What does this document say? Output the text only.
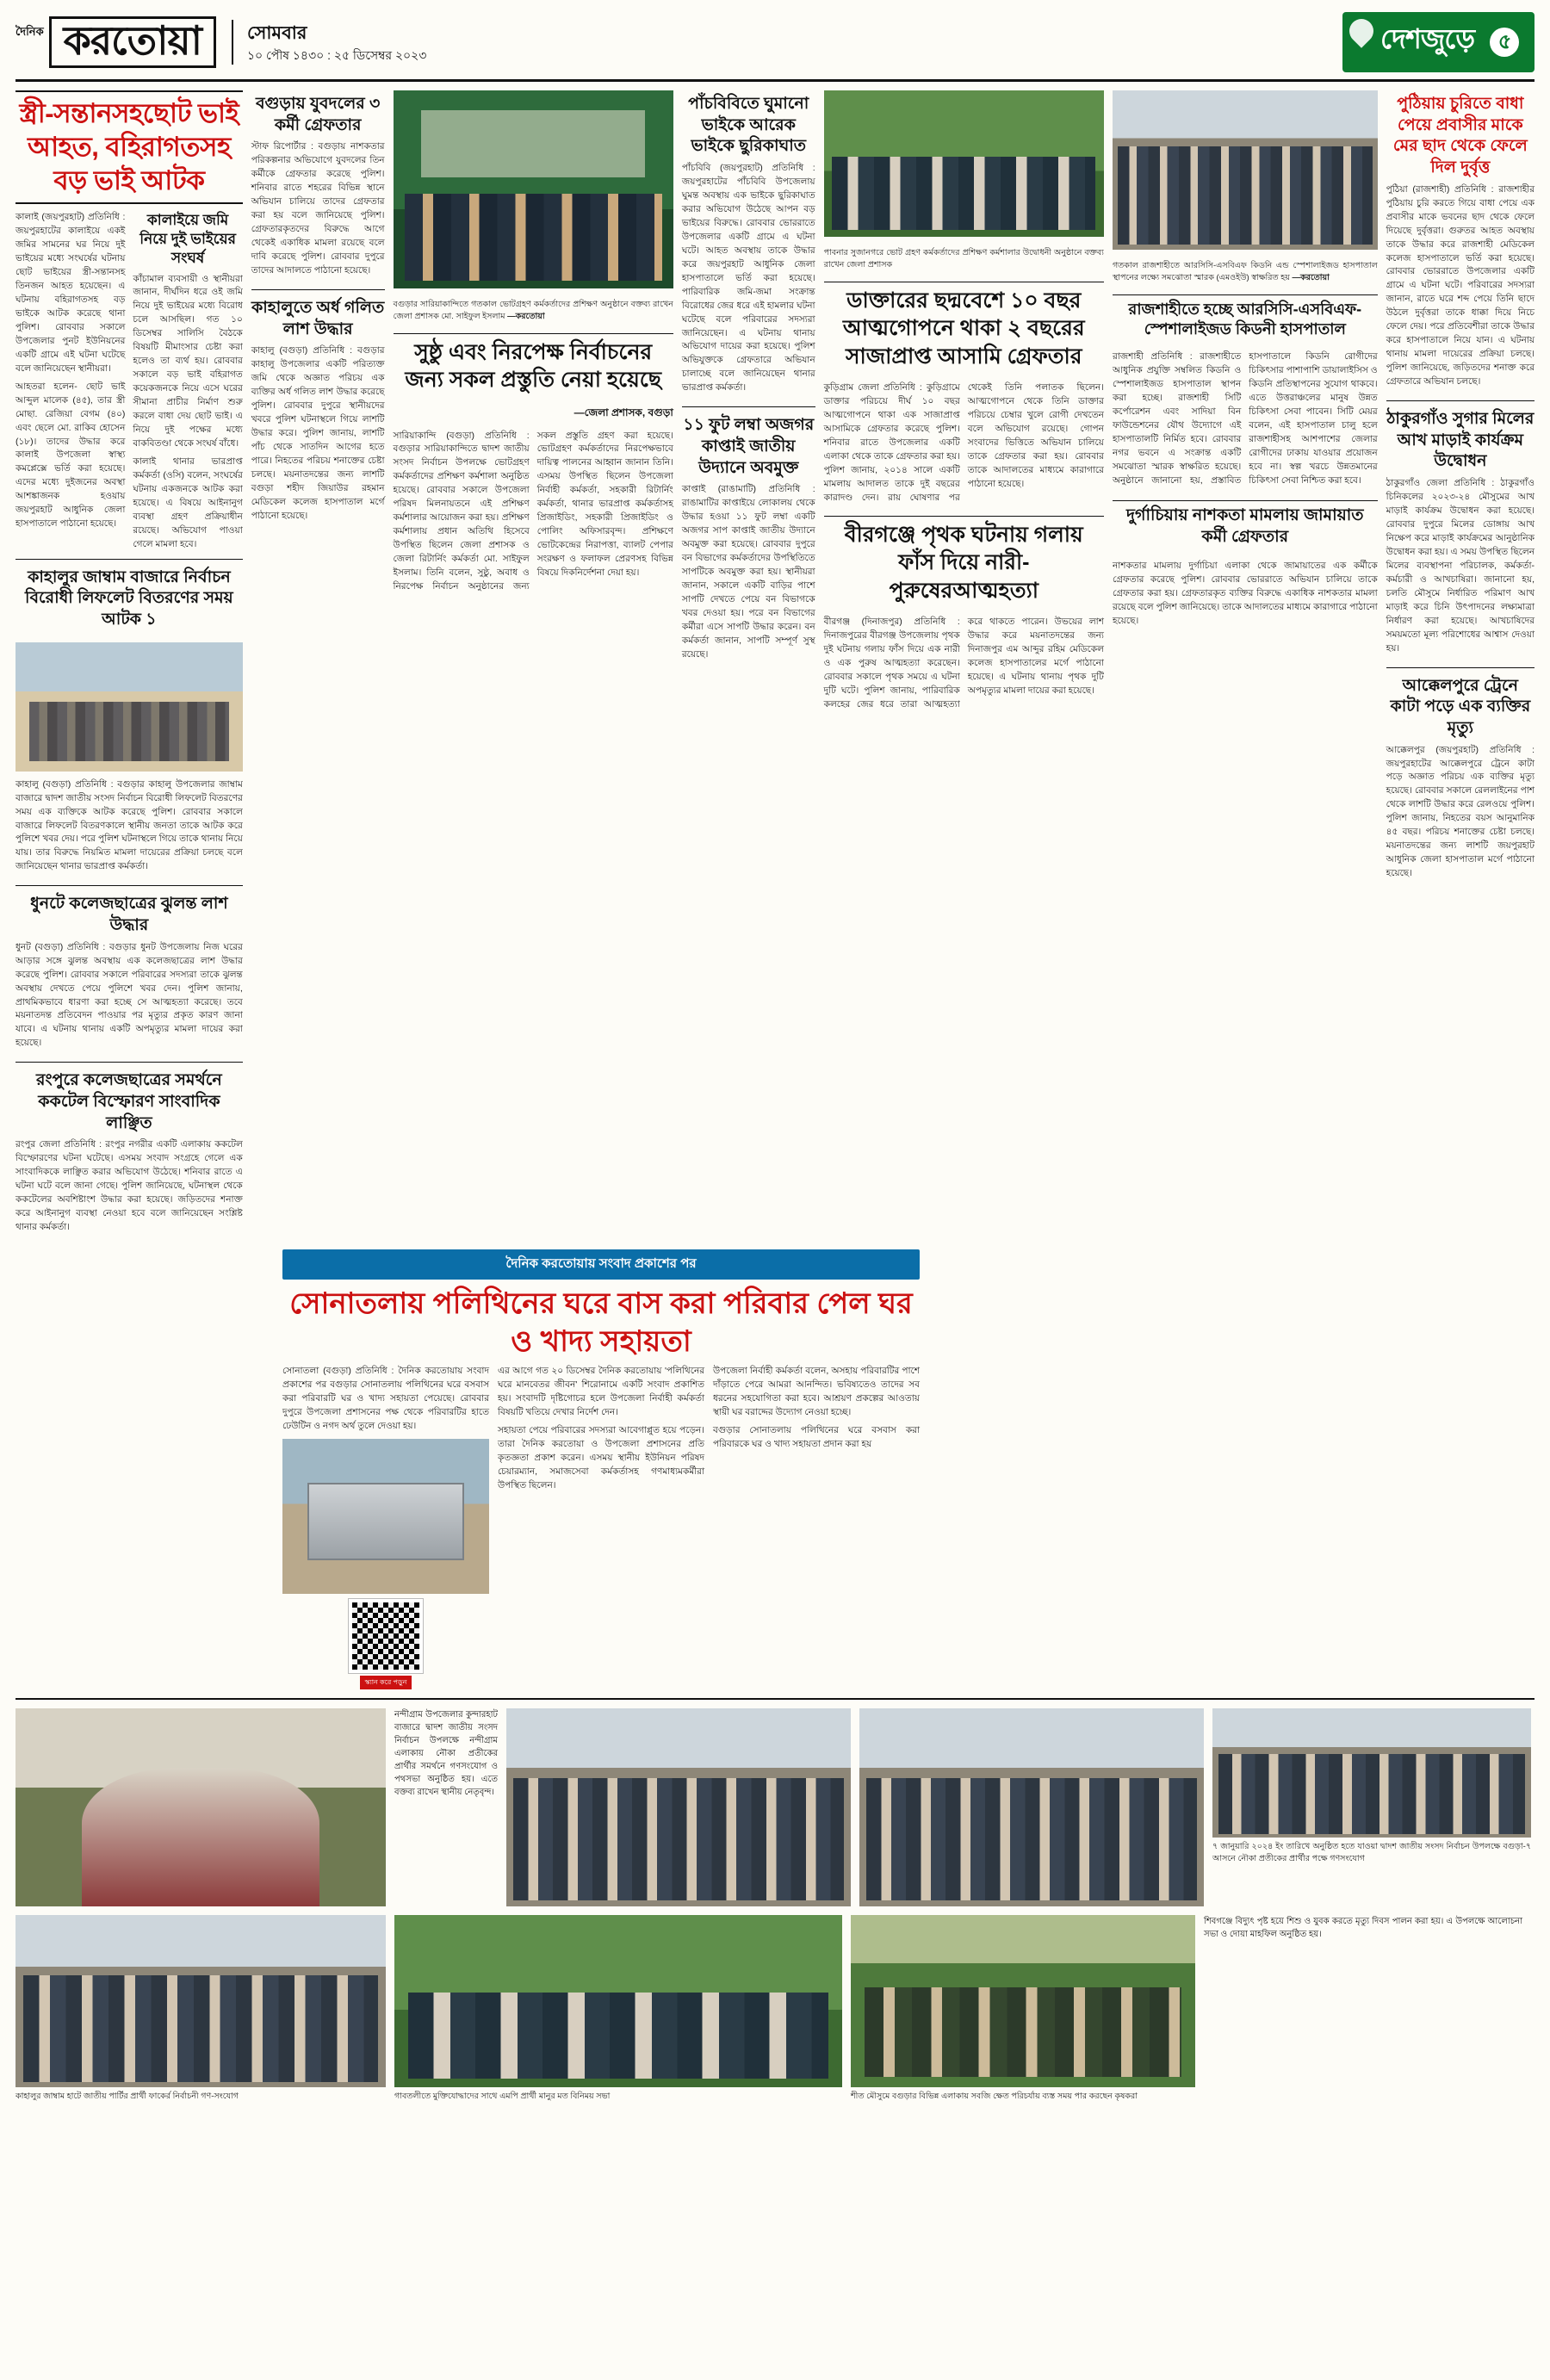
দৈনিক করতোয়া	সোমবার
১০ পৌষ ১৪৩০ : ২৫ ডিসেম্বর ২০২৩
দেশজুড়ে ৫
স্ত্রী-সন্তানসহছোট ভাই আহত, বহিরাগতসহ বড় ভাই আটক

কালাই (জয়পুরহাট) প্রতিনিধি : জয়পুরহাটের কালাইয়ে একই জমির সামনের ঘর নিয়ে দুই ভাইয়ের মধ্যে সংঘর্ষের ঘটনায় ছোট ভাইয়ের স্ত্রী-সন্তানসহ তিনজন আহত হয়েছেন। এ ঘটনায় বহিরাগতসহ বড় ভাইকে আটক করেছে থানা পুলিশ। রোববার সকালে উপজেলার পুনট ইউনিয়নের একটি গ্রামে এই ঘটনা ঘটেছে বলে জানিয়েছেন স্থানীয়রা।

আহতরা হলেন- ছোট ভাই আব্দুল মালেক (৪৫), তার স্ত্রী মোছা. রেজিয়া বেগম (৪০) এবং ছেলে মো. রাকিব হোসেন (১৮)। তাদের উদ্ধার করে কালাই উপজেলা স্বাস্থ্য কমপ্লেক্সে ভর্তি করা হয়েছে। এদের মধ্যে দুইজনের অবস্থা আশঙ্কাজনক হওয়ায় জয়পুরহাট আধুনিক জেলা হাসপাতালে পাঠানো হয়েছে।

কালাইয়ে জমি নিয়ে দুই ভাইয়ের সংঘর্ষ

কাঁচামাল ব্যবসায়ী ও স্থানীয়রা জানান, দীর্ঘদিন ধরে ওই জমি নিয়ে দুই ভাইয়ের মধ্যে বিরোধ চলে আসছিল। গত ১০ ডিসেম্বর সালিসি বৈঠকে বিষয়টি মীমাংসার চেষ্টা করা হলেও তা ব্যর্থ হয়। রোববার সকালে বড় ভাই বহিরাগত কয়েকজনকে নিয়ে এসে ঘরের সীমানা প্রাচীর নির্মাণ শুরু করলে বাধা দেয় ছোট ভাই। এ নিয়ে দুই পক্ষের মধ্যে বাকবিতণ্ডা থেকে সংঘর্ষ বাঁধে।

কালাই থানার ভারপ্রাপ্ত কর্মকর্তা (ওসি) বলেন, সংঘর্ষের ঘটনায় একজনকে আটক করা হয়েছে। এ বিষয়ে আইনানুগ ব্যবস্থা গ্রহণ প্রক্রিয়াধীন রয়েছে। অভিযোগ পাওয়া গেলে মামলা হবে।

কাহালুর জাম্বাম বাজারে নির্বাচন বিরোধী লিফলেট বিতরণের সময় আটক ১

কাহালু (বগুড়া) প্রতিনিধি : বগুড়ার কাহালু উপজেলার জাম্বাম বাজারে দ্বাদশ জাতীয় সংসদ নির্বাচন বিরোধী লিফলেট বিতরণের সময় এক ব্যক্তিকে আটক করেছে পুলিশ। রোববার সকালে বাজারে লিফলেট বিতরণকালে স্থানীয় জনতা তাকে আটক করে পুলিশে খবর দেয়। পরে পুলিশ ঘটনাস্থলে গিয়ে তাকে থানায় নিয়ে যায়। তার বিরুদ্ধে নিয়মিত মামলা দায়েরের প্রক্রিয়া চলছে বলে জানিয়েছেন থানার ভারপ্রাপ্ত কর্মকর্তা।

ধুনটে কলেজছাত্রের ঝুলন্ত লাশ উদ্ধার

ধুনট (বগুড়া) প্রতিনিধি : বগুড়ার ধুনট উপজেলায় নিজ ঘরের আড়ার সঙ্গে ঝুলন্ত অবস্থায় এক কলেজছাত্রের লাশ উদ্ধার করেছে পুলিশ। রোববার সকালে পরিবারের সদস্যরা তাকে ঝুলন্ত অবস্থায় দেখতে পেয়ে পুলিশে খবর দেন। পুলিশ জানায়, প্রাথমিকভাবে ধারণা করা হচ্ছে সে আত্মহত্যা করেছে। তবে ময়নাতদন্ত প্রতিবেদন পাওয়ার পর মৃত্যুর প্রকৃত কারণ জানা যাবে। এ ঘটনায় থানায় একটি অপমৃত্যুর মামলা দায়ের করা হয়েছে।

রংপুরে কলেজছাত্রের সমর্থনে ককটেল বিস্ফোরণ সাংবাদিক লাঞ্ছিত

রংপুর জেলা প্রতিনিধি : রংপুর নগরীর একটি এলাকায় ককটেল বিস্ফোরণের ঘটনা ঘটেছে। এসময় সংবাদ সংগ্রহে গেলে এক সাংবাদিককে লাঞ্ছিত করার অভিযোগ উঠেছে। শনিবার রাতে এ ঘটনা ঘটে বলে জানা গেছে। পুলিশ জানিয়েছে, ঘটনাস্থল থেকে ককটেলের অবশিষ্টাংশ উদ্ধার করা হয়েছে। জড়িতদের শনাক্ত করে আইনানুগ ব্যবস্থা নেওয়া হবে বলে জানিয়েছেন সংশ্লিষ্ট থানার কর্মকর্তা।

বগুড়ায় যুবদলের ৩ কর্মী গ্রেফতার

স্টাফ রিপোর্টার : বগুড়ায় নাশকতার পরিকল্পনার অভিযোগে যুবদলের তিন কর্মীকে গ্রেফতার করেছে পুলিশ। শনিবার রাতে শহরের বিভিন্ন স্থানে অভিযান চালিয়ে তাদের গ্রেফতার করা হয় বলে জানিয়েছে পুলিশ। গ্রেফতারকৃতদের বিরুদ্ধে আগে থেকেই একাধিক মামলা রয়েছে বলে দাবি করেছে পুলিশ। রোববার দুপুরে তাদের আদালতে পাঠানো হয়েছে।

কাহালুতে অর্ধ গলিত লাশ উদ্ধার

কাহালু (বগুড়া) প্রতিনিধি : বগুড়ার কাহালু উপজেলার একটি পরিত্যক্ত জমি থেকে অজ্ঞাত পরিচয় এক ব্যক্তির অর্ধ গলিত লাশ উদ্ধার করেছে পুলিশ। রোববার দুপুরে স্থানীয়দের খবরে পুলিশ ঘটনাস্থলে গিয়ে লাশটি উদ্ধার করে। পুলিশ জানায়, লাশটি পাঁচ থেকে সাতদিন আগের হতে পারে। নিহতের পরিচয় শনাক্তের চেষ্টা চলছে। ময়নাতদন্তের জন্য লাশটি বগুড়া শহীদ জিয়াউর রহমান মেডিকেল কলেজ হাসপাতাল মর্গে পাঠানো হয়েছে।

বগুড়ার সারিয়াকান্দিতে গতকাল ভোটগ্রহণ কর্মকর্তাদের প্রশিক্ষণ অনুষ্ঠানে বক্তব্য রাখেন জেলা প্রশাসক মো. সাইফুল ইসলাম —করতোয়া
সুষ্ঠু এবং নিরপেক্ষ নির্বাচনের জন্য সকল প্রস্তুতি নেয়া হয়েছে
—জেলা প্রশাসক, বগুড়া

সারিয়াকান্দি (বগুড়া) প্রতিনিধি : বগুড়ার সারিয়াকান্দিতে দ্বাদশ জাতীয় সংসদ নির্বাচন উপলক্ষে ভোটগ্রহণ কর্মকর্তাদের প্রশিক্ষণ কর্মশালা অনুষ্ঠিত হয়েছে। রোববার সকালে উপজেলা পরিষদ মিলনায়তনে এই প্রশিক্ষণ কর্মশালার আয়োজন করা হয়। প্রশিক্ষণ কর্মশালায় প্রধান অতিথি হিসেবে উপস্থিত ছিলেন জেলা প্রশাসক ও জেলা রিটার্নিং কর্মকর্তা মো. সাইফুল ইসলাম। তিনি বলেন, সুষ্ঠু, অবাধ ও নিরপেক্ষ নির্বাচন অনুষ্ঠানের জন্য সকল প্রস্তুতি গ্রহণ করা হয়েছে। ভোটগ্রহণ কর্মকর্তাদের নিরপেক্ষভাবে দায়িত্ব পালনের আহ্বান জানান তিনি। এসময় উপস্থিত ছিলেন উপজেলা নির্বাহী কর্মকর্তা, সহকারী রিটার্নিং কর্মকর্তা, থানার ভারপ্রাপ্ত কর্মকর্তাসহ প্রিজাইডিং, সহকারী প্রিজাইডিং ও পোলিং অফিসারবৃন্দ। প্রশিক্ষণে ভোটকেন্দ্রের নিরাপত্তা, ব্যালট পেপার সংরক্ষণ ও ফলাফল প্রেরণসহ বিভিন্ন বিষয়ে দিকনির্দেশনা দেয়া হয়।

পাঁচবিবিতে ঘুমানো ভাইকে আরেক ভাইকে ছুরিকাঘাত

পাঁচবিবি (জয়পুরহাট) প্রতিনিধি : জয়পুরহাটের পাঁচবিবি উপজেলায় ঘুমন্ত অবস্থায় এক ভাইকে ছুরিকাঘাত করার অভিযোগ উঠেছে আপন বড় ভাইয়ের বিরুদ্ধে। রোববার ভোররাতে উপজেলার একটি গ্রামে এ ঘটনা ঘটে। আহত অবস্থায় তাকে উদ্ধার করে জয়পুরহাট আধুনিক জেলা হাসপাতালে ভর্তি করা হয়েছে। পারিবারিক জমি-জমা সংক্রান্ত বিরোধের জের ধরে এই হামলার ঘটনা ঘটেছে বলে পরিবারের সদস্যরা জানিয়েছেন। এ ঘটনায় থানায় অভিযোগ দায়ের করা হয়েছে। পুলিশ অভিযুক্তকে গ্রেফতারে অভিযান চালাচ্ছে বলে জানিয়েছেন থানার ভারপ্রাপ্ত কর্মকর্তা।

১১ ফুট লম্বা অজগর কাপ্তাই জাতীয় উদ্যানে অবমুক্ত

কাপ্তাই (রাঙামাটি) প্রতিনিধি : রাঙামাটির কাপ্তাইয়ে লোকালয় থেকে উদ্ধার হওয়া ১১ ফুট লম্বা একটি অজগর সাপ কাপ্তাই জাতীয় উদ্যানে অবমুক্ত করা হয়েছে। রোববার দুপুরে বন বিভাগের কর্মকর্তাদের উপস্থিতিতে সাপটিকে অবমুক্ত করা হয়। স্থানীয়রা জানান, সকালে একটি বাড়ির পাশে সাপটি দেখতে পেয়ে বন বিভাগকে খবর দেওয়া হয়। পরে বন বিভাগের কর্মীরা এসে সাপটি উদ্ধার করেন। বন কর্মকর্তা জানান, সাপটি সম্পূর্ণ সুস্থ রয়েছে।

পাবনার সুজানগরে ভোট গ্রহণ কর্মকর্তাদের প্রশিক্ষণ কর্মশালার উদ্বোধনী অনুষ্ঠানে বক্তব্য রাখেন জেলা প্রশাসক
ডাক্তারের ছদ্মবেশে ১০ বছর আত্মগোপনে থাকা ২ বছরের সাজাপ্রাপ্ত আসামি গ্রেফতার

কুড়িগ্রাম জেলা প্রতিনিধি : কুড়িগ্রামে ডাক্তার পরিচয়ে দীর্ঘ ১০ বছর আত্মগোপনে থাকা এক সাজাপ্রাপ্ত আসামিকে গ্রেফতার করেছে পুলিশ। শনিবার রাতে উপজেলার একটি এলাকা থেকে তাকে গ্রেফতার করা হয়। পুলিশ জানায়, ২০১৪ সালে একটি মামলায় আদালত তাকে দুই বছরের কারাদণ্ড দেন। রায় ঘোষণার পর থেকেই তিনি পলাতক ছিলেন। আত্মগোপনে থেকে তিনি ডাক্তার পরিচয়ে চেম্বার খুলে রোগী দেখতেন বলে অভিযোগ রয়েছে। গোপন সংবাদের ভিত্তিতে অভিযান চালিয়ে তাকে গ্রেফতার করা হয়। রোববার তাকে আদালতের মাধ্যমে কারাগারে পাঠানো হয়েছে।

বীরগঞ্জে পৃথক ঘটনায় গলায় ফাঁস দিয়ে নারী-পুরুষেরআত্মহত্যা

বীরগঞ্জ (দিনাজপুর) প্রতিনিধি : দিনাজপুরের বীরগঞ্জ উপজেলায় পৃথক দুই ঘটনায় গলায় ফাঁস দিয়ে এক নারী ও এক পুরুষ আত্মহত্যা করেছেন। রোববার সকালে পৃথক সময়ে এ ঘটনা দুটি ঘটে। পুলিশ জানায়, পারিবারিক কলহের জের ধরে তারা আত্মহত্যা করে থাকতে পারেন। উভয়ের লাশ উদ্ধার করে ময়নাতদন্তের জন্য দিনাজপুর এম আব্দুর রহিম মেডিকেল কলেজ হাসপাতালের মর্গে পাঠানো হয়েছে। এ ঘটনায় থানায় পৃথক দুটি অপমৃত্যুর মামলা দায়ের করা হয়েছে।

গতকাল রাজশাহীতে আরসিসি-এসবিএফ কিডনি এন্ড স্পেশালাইজড হাসপাতাল স্থাপনের লক্ষ্যে সমঝোতা স্মারক (এমওইউ) স্বাক্ষরিত হয় —করতোয়া
রাজশাহীতে হচ্ছে আরসিসি-এসবিএফ-স্পেশালাইজড কিডনী হাসপাতাল

রাজশাহী প্রতিনিধি : রাজশাহীতে আধুনিক প্রযুক্তি সম্বলিত কিডনি ও স্পেশালাইজড হাসপাতাল স্থাপন করা হচ্ছে। রাজশাহী সিটি কর্পোরেশন এবং সাদিয়া বিন ফাউন্ডেশনের যৌথ উদ্যোগে এই হাসপাতালটি নির্মিত হবে। রোববার নগর ভবনে এ সংক্রান্ত একটি সমঝোতা স্মারক স্বাক্ষরিত হয়েছে। অনুষ্ঠানে জানানো হয়, প্রস্তাবিত হাসপাতালে কিডনি রোগীদের চিকিৎসার পাশাপাশি ডায়ালাইসিস ও কিডনি প্রতিস্থাপনের সুযোগ থাকবে। এতে উত্তরাঞ্চলের মানুষ উন্নত চিকিৎসা সেবা পাবেন। সিটি মেয়র বলেন, এই হাসপাতাল চালু হলে রাজশাহীসহ আশপাশের জেলার রোগীদের ঢাকায় যাওয়ার প্রয়োজন হবে না। স্বল্প খরচে উন্নতমানের চিকিৎসা সেবা নিশ্চিত করা হবে।

দুর্গাচিয়ায় নাশকতা মামলায় জামায়াত কর্মী গ্রেফতার

নাশকতার মামলায় দুর্গাচিয়া এলাকা থেকে জামায়াতের এক কর্মীকে গ্রেফতার করেছে পুলিশ। রোববার ভোররাতে অভিযান চালিয়ে তাকে গ্রেফতার করা হয়। গ্রেফতারকৃত ব্যক্তির বিরুদ্ধে একাধিক নাশকতার মামলা রয়েছে বলে পুলিশ জানিয়েছে। তাকে আদালতের মাধ্যমে কারাগারে পাঠানো হয়েছে।

পুঠিয়ায় চুরিতে বাধা পেয়ে প্রবাসীর মাকে মের ছাদ থেকে ফেলে দিল দুর্বৃত্ত

পুঠিয়া (রাজশাহী) প্রতিনিধি : রাজশাহীর পুঠিয়ায় চুরি করতে গিয়ে বাধা পেয়ে এক প্রবাসীর মাকে ভবনের ছাদ থেকে ফেলে দিয়েছে দুর্বৃত্তরা। গুরুতর আহত অবস্থায় তাকে উদ্ধার করে রাজশাহী মেডিকেল কলেজ হাসপাতালে ভর্তি করা হয়েছে। রোববার ভোররাতে উপজেলার একটি গ্রামে এ ঘটনা ঘটে। পরিবারের সদস্যরা জানান, রাতে ঘরে শব্দ পেয়ে তিনি ছাদে উঠলে দুর্বৃত্তরা তাকে ধাক্কা দিয়ে নিচে ফেলে দেয়। পরে প্রতিবেশীরা তাকে উদ্ধার করে হাসপাতালে নিয়ে যান। এ ঘটনায় থানায় মামলা দায়েরের প্রক্রিয়া চলছে। পুলিশ জানিয়েছে, জড়িতদের শনাক্ত করে গ্রেফতারে অভিযান চলছে।

ঠাকুরগাঁও সুগার মিলের আখ মাড়াই কার্যক্রম উদ্বোধন

ঠাকুরগাঁও জেলা প্রতিনিধি : ঠাকুরগাঁও চিনিকলের ২০২৩-২৪ মৌসুমের আখ মাড়াই কার্যক্রম উদ্বোধন করা হয়েছে। রোববার দুপুরে মিলের ডোঙ্গায় আখ নিক্ষেপ করে মাড়াই কার্যক্রমের আনুষ্ঠানিক উদ্বোধন করা হয়। এ সময় উপস্থিত ছিলেন মিলের ব্যবস্থাপনা পরিচালক, কর্মকর্তা-কর্মচারী ও আখচাষিরা। জানানো হয়, চলতি মৌসুমে নির্ধারিত পরিমাণ আখ মাড়াই করে চিনি উৎপাদনের লক্ষ্যমাত্রা নির্ধারণ করা হয়েছে। আখচাষিদের সময়মতো মূল্য পরিশোধের আশ্বাস দেওয়া হয়।

আক্কেলপুরে ট্রেনে কাটা পড়ে এক ব্যক্তির মৃত্যু

আক্কেলপুর (জয়পুরহাট) প্রতিনিধি : জয়পুরহাটের আক্কেলপুরে ট্রেনে কাটা পড়ে অজ্ঞাত পরিচয় এক ব্যক্তির মৃত্যু হয়েছে। রোববার সকালে রেললাইনের পাশ থেকে লাশটি উদ্ধার করে রেলওয়ে পুলিশ। পুলিশ জানায়, নিহতের বয়স আনুমানিক ৪৫ বছর। পরিচয় শনাক্তের চেষ্টা চলছে। ময়নাতদন্তের জন্য লাশটি জয়পুরহাট আধুনিক জেলা হাসপাতাল মর্গে পাঠানো হয়েছে।

দৈনিক করতোয়ায় সংবাদ প্রকাশের পর
সোনাতলায় পলিথিনের ঘরে বাস করা পরিবার পেল ঘর ও খাদ্য সহায়তা

সোনাতলা (বগুড়া) প্রতিনিধি : দৈনিক করতোয়ায় সংবাদ প্রকাশের পর বগুড়ার সোনাতলায় পলিথিনের ঘরে বসবাস করা পরিবারটি ঘর ও খাদ্য সহায়তা পেয়েছে। রোববার দুপুরে উপজেলা প্রশাসনের পক্ষ থেকে পরিবারটির হাতে ঢেউটিন ও নগদ অর্থ তুলে দেওয়া হয়।

স্ক্যান করে পড়ুন

এর আগে গত ২০ ডিসেম্বর দৈনিক করতোয়ায় 'পলিথিনের ঘরে মানবেতর জীবন' শিরোনামে একটি সংবাদ প্রকাশিত হয়। সংবাদটি দৃষ্টিগোচর হলে উপজেলা নির্বাহী কর্মকর্তা বিষয়টি খতিয়ে দেখার নির্দেশ দেন।

সহায়তা পেয়ে পরিবারের সদস্যরা আবেগাপ্লুত হয়ে পড়েন। তারা দৈনিক করতোয়া ও উপজেলা প্রশাসনের প্রতি কৃতজ্ঞতা প্রকাশ করেন। এসময় স্থানীয় ইউনিয়ন পরিষদ চেয়ারম্যান, সমাজসেবা কর্মকর্তাসহ গণমাধ্যমকর্মীরা উপস্থিত ছিলেন।

উপজেলা নির্বাহী কর্মকর্তা বলেন, অসহায় পরিবারটির পাশে দাঁড়াতে পেরে আমরা আনন্দিত। ভবিষ্যতেও তাদের সব ধরনের সহযোগিতা করা হবে। আশ্রয়ণ প্রকল্পের আওতায় স্থায়ী ঘর বরাদ্দের উদ্যোগ নেওয়া হচ্ছে।

বগুড়ার সোনাতলায় পলিথিনের ঘরে বসবাস করা পরিবারকে ঘর ও খাদ্য সহায়তা প্রদান করা হয়

নন্দীগ্রাম উপজেলার কুন্দারহাট বাজারে দ্বাদশ জাতীয় সংসদ নির্বাচন উপলক্ষে নন্দীগ্রাম এলাকায় নৌকা প্রতীকের প্রার্থীর সমর্থনে গণসংযোগ ও পথসভা অনুষ্ঠিত হয়। এতে বক্তব্য রাখেন স্থানীয় নেতৃবৃন্দ।
৭ জানুয়ারি ২০২৪ ইং তারিখে অনুষ্ঠিত হতে যাওয়া দ্বাদশ জাতীয় সংসদ নির্বাচন উপলক্ষে বগুড়া-৭ আসনে নৌকা প্রতীকের প্রার্থীর পক্ষে গণসংযোগ
কাহালুর জাম্বাম হাটে জাতীয় পার্টির প্রার্থী ফাকের্র নির্বাচনী গণ-সংযোগ	গাবতলীতে মুক্তিযোদ্ধাদের সাথে এমপি প্রার্থী মানুর মত বিনিময় সভা	শীত মৌসুমে বগুড়ার বিভিন্ন এলাকায় সবজি ক্ষেত পরিচর্যায় ব্যস্ত সময় পার করছেন কৃষকরা
শিবগঞ্জে বিদ্যুৎ পৃষ্ট হয়ে শিশু ও যুবক করতে মৃত্যু দিবস পালন করা হয়। এ উপলক্ষে আলোচনা সভা ও দোয়া মাহফিল অনুষ্ঠিত হয়।
